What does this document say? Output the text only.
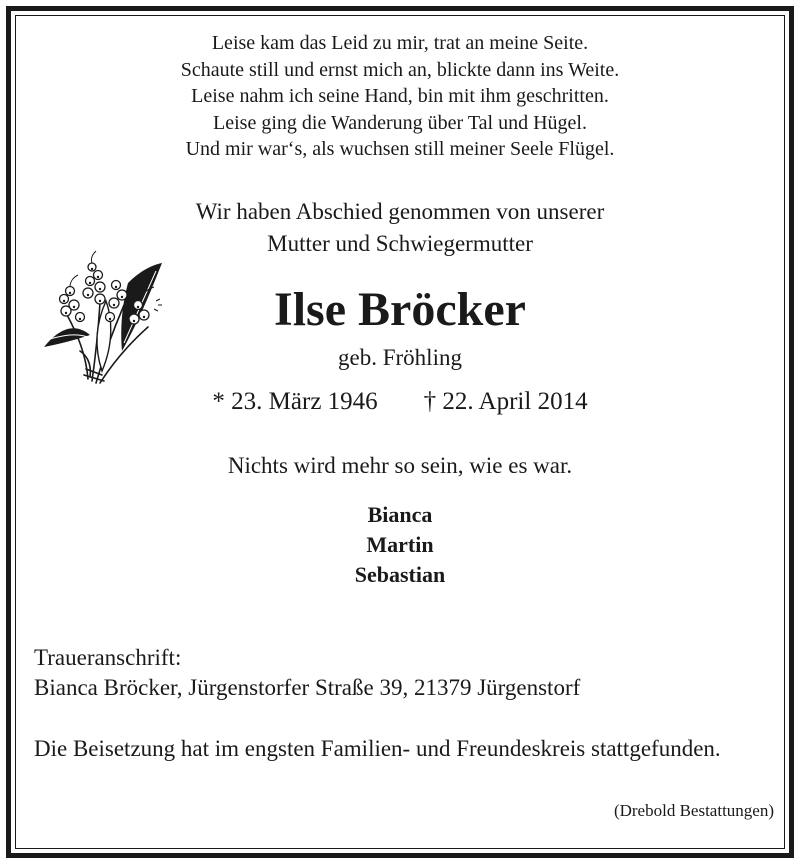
Leise kam das Leid zu mir, trat an meine Seite.
Schaute still und ernst mich an, blickte dann ins Weite.
Leise nahm ich seine Hand, bin mit ihm geschritten.
Leise ging die Wanderung über Tal und Hügel.
Und mir war‘s, als wuchsen still meiner Seele Flügel.
Wir haben Abschied genommen von unserer
Mutter und Schwiegermutter
Ilse Bröcker
geb. Fröhling
* 23. März 1946 † 22. April 2014
Nichts wird mehr so sein, wie es war.
Bianca
Martin
Sebastian
Traueranschrift:
Bianca Bröcker, Jürgenstorfer Straße 39, 21379 Jürgenstorf
Die Beisetzung hat im engsten Familien- und Freundeskreis stattgefunden.
(Drebold Bestattungen)
